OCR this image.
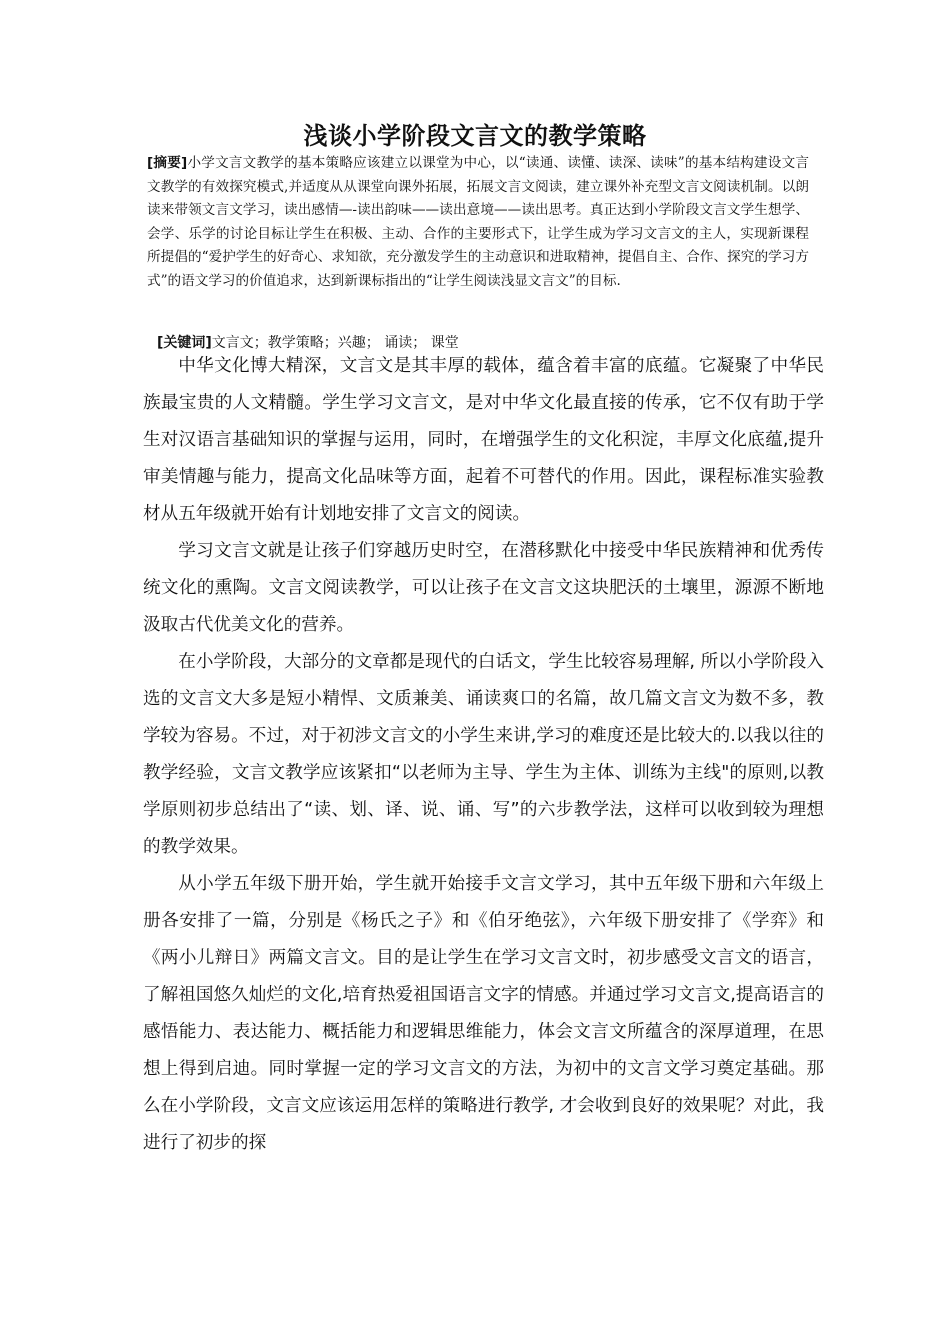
浅谈小学阶段文言文的教学策略

[摘要]小学文言文教学的基本策略应该建立以课堂为中心，以“读通、读懂、读深、读味”的基本结构建设文言文教学的有效探究模式,并适度从从课堂向课外拓展，拓展文言文阅读，建立课外补充型文言文阅读机制。以朗读来带领文言文学习，读出感情—-读出韵味——读出意境——读出思考。真正达到小学阶段文言文学生想学、会学、乐学的讨论目标让学生在积极、主动、合作的主要形式下，让学生成为学习文言文的主人，实现新课程所提倡的“爱护学生的好奇心、求知欲，充分激发学生的主动意识和进取精神，提倡自主、合作、探究的学习方式”的语文学习的价值追求，达到新课标指出的“让学生阅读浅显文言文”的目标.

[关键词]文言文；教学策略；兴趣； 诵读； 课堂

中华文化博大精深，文言文是其丰厚的载体，蕴含着丰富的底蕴。它凝聚了中华民族最宝贵的人文精髓。学生学习文言文，是对中华文化最直接的传承，它不仅有助于学生对汉语言基础知识的掌握与运用，同时，在增强学生的文化积淀，丰厚文化底蕴,提升审美情趣与能力，提高文化品味等方面，起着不可替代的作用。因此，课程标准实验教材从五年级就开始有计划地安排了文言文的阅读。

学习文言文就是让孩子们穿越历史时空，在潜移默化中接受中华民族精神和优秀传统文化的熏陶。文言文阅读教学，可以让孩子在文言文这块肥沃的土壤里，源源不断地汲取古代优美文化的营养。

在小学阶段，大部分的文章都是现代的白话文，学生比较容易理解, 所以小学阶段入选的文言文大多是短小精悍、文质兼美、诵读爽口的名篇，故几篇文言文为数不多，教学较为容易。不过，对于初涉文言文的小学生来讲,学习的难度还是比较大的.以我以往的教学经验，文言文教学应该紧扣“以老师为主导、学生为主体、训练为主线"的原则,以教学原则初步总结出了“读、划、译、说、诵、写”的六步教学法，这样可以收到较为理想的教学效果。

从小学五年级下册开始，学生就开始接手文言文学习，其中五年级下册和六年级上册各安排了一篇，分别是《杨氏之子》和《伯牙绝弦》，六年级下册安排了《学弈》和《两小儿辩日》两篇文言文。目的是让学生在学习文言文时，初步感受文言文的语言，了解祖国悠久灿烂的文化,培育热爱祖国语言文字的情感。并通过学习文言文,提高语言的感悟能力、表达能力、概括能力和逻辑思维能力，体会文言文所蕴含的深厚道理，在思想上得到启迪。同时掌握一定的学习文言文的方法，为初中的文言文学习奠定基础。那么在小学阶段，文言文应该运用怎样的策略进行教学, 才会收到良好的效果呢？对此，我进行了初步的探
